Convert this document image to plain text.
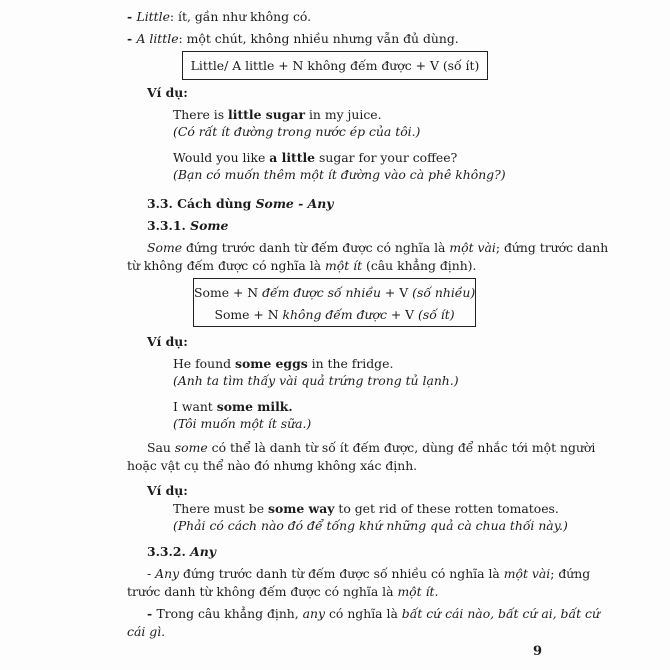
- Little: ít, gần như không có.
- A little: một chút, không nhiều nhưng vẫn đủ dùng.
Little/ A little + N không đếm được + V (số ít)
Ví dụ:
There is little sugar in my juice.
(Có rất ít đường trong nước ép của tôi.)
Would you like a little sugar for your coffee?
(Bạn có muốn thêm một ít đường vào cà phê không?)
3.3. Cách dùng Some - Any
3.3.1. Some
Some đứng trước danh từ đếm được có nghĩa là một vài; đứng trước danh
từ không đếm được có nghĩa là một ít (câu khẳng định).
Some + N đếm được số nhiều + V (số nhiều)
Some + N không đếm được + V (số ít)
Ví dụ:
He found some eggs in the fridge.
(Anh ta tìm thấy vài quả trứng trong tủ lạnh.)
I want some milk.
(Tôi muốn một ít sữa.)
Sau some có thể là danh từ số ít đếm được, dùng để nhắc tới một người
hoặc vật cụ thể nào đó nhưng không xác định.
Ví dụ:
There must be some way to get rid of these rotten tomatoes.
(Phải có cách nào đó để tống khứ những quả cà chua thối này.)
3.3.2. Any
- Any đứng trước danh từ đếm được số nhiều có nghĩa là một vài; đứng
trước danh từ không đếm được có nghĩa là một ít.
- Trong câu khẳng định, any có nghĩa là bất cứ cái nào, bất cứ ai, bất cứ
cái gì.
9
